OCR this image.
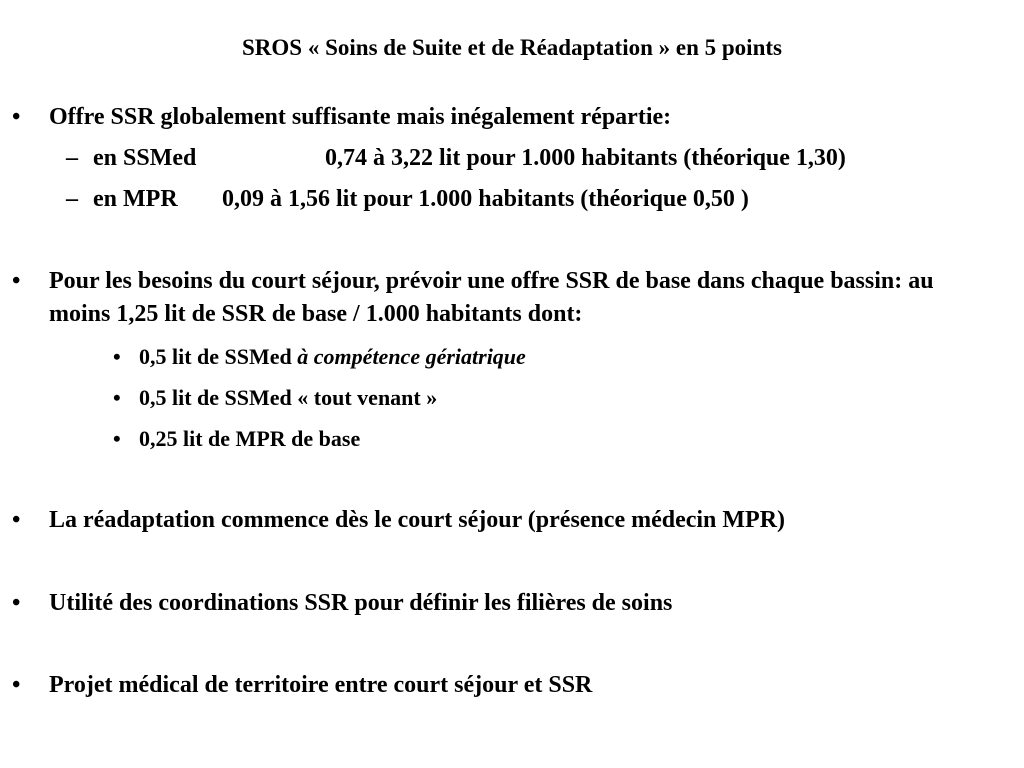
SROS « Soins de Suite et de Réadaptation » en 5 points
• Offre SSR globalement suffisante mais inégalement répartie:
– en SSMed	0,74 à 3,22 lit pour 1.000 habitants (théorique 1,30)
– en MPR 0,09 à 1,56 lit pour 1.000 habitants (théorique 0,50 )
• Pour les besoins du court séjour, prévoir une offre SSR de base dans chaque bassin: au moins 1,25 lit de SSR de base / 1.000 habitants dont:
• 0,5 lit de SSMed à compétence gériatrique
• 0,5 lit de SSMed « tout venant »
• 0,25 lit de MPR de base
• La réadaptation commence dès le court séjour (présence médecin MPR)
• Utilité des coordinations SSR pour définir les filières de soins
• Projet médical de territoire entre court séjour et SSR
